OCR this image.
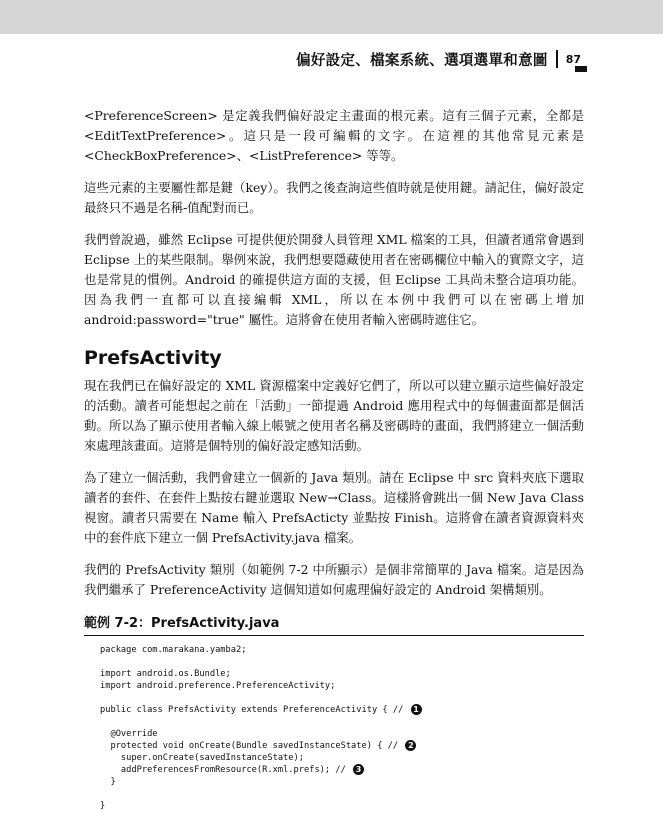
偏好設定、檔案系統、選項選單和意圖 87

<PreferenceScreen> 是定義我們偏好設定主畫面的根元素。這有三個子元素，全都是 <EditTextPreference>。這只是一段可編輯的文字。在這裡的其他常見元素是 <CheckBoxPreference>、<ListPreference> 等等。

這些元素的主要屬性都是鍵（key）。我們之後查詢這些值時就是使用鍵。請記住，偏好設定最終只不過是名稱-值配對而已。

我們曾說過，雖然 Eclipse 可提供便於開發人員管理 XML 檔案的工具，但讀者通常會遇到 Eclipse 上的某些限制。舉例來說，我們想要隱藏使用者在密碼欄位中輸入的實際文字，這也是常見的慣例。Android 的確提供這方面的支援，但 Eclipse 工具尚未整合這項功能。因為我們一直都可以直接編輯 XML，所以在本例中我們可以在密碼上增加 android:password="true" 屬性。這將會在使用者輸入密碼時遮住它。

PrefsActivity

現在我們已在偏好設定的 XML 資源檔案中定義好它們了，所以可以建立顯示這些偏好設定的活動。讀者可能想起之前在「活動」一節提過 Android 應用程式中的每個畫面都是個活動。所以為了顯示使用者輸入線上帳號之使用者名稱及密碼時的畫面，我們將建立一個活動來處理該畫面。這將是個特別的偏好設定感知活動。

為了建立一個活動，我們會建立一個新的 Java 類別。請在 Eclipse 中 src 資料夾底下選取讀者的套件、在套件上點按右鍵並選取 New→Class。這樣將會跳出一個 New Java Class 視窗。讀者只需要在 Name 輸入 PrefsActicty 並點按 Finish。這將會在讀者資源資料夾中的套件底下建立一個 PrefsActivity.java 檔案。

我們的 PrefsActivity 類別（如範例 7-2 中所顯示）是個非常簡單的 Java 檔案。這是因為我們繼承了 PreferenceActivity 這個知道如何處理偏好設定的 Android 架構類別。

範例 7-2：PrefsActivity.java
package com.marakana.yamba2;
import android.os.Bundle;
import android.preference.PreferenceActivity;
public class PrefsActivity extends PreferenceActivity { // 1
@Override
protected void onCreate(Bundle savedInstanceState) { // 2
super.onCreate(savedInstanceState);
addPreferencesFromResource(R.xml.prefs); // 3
}
}
